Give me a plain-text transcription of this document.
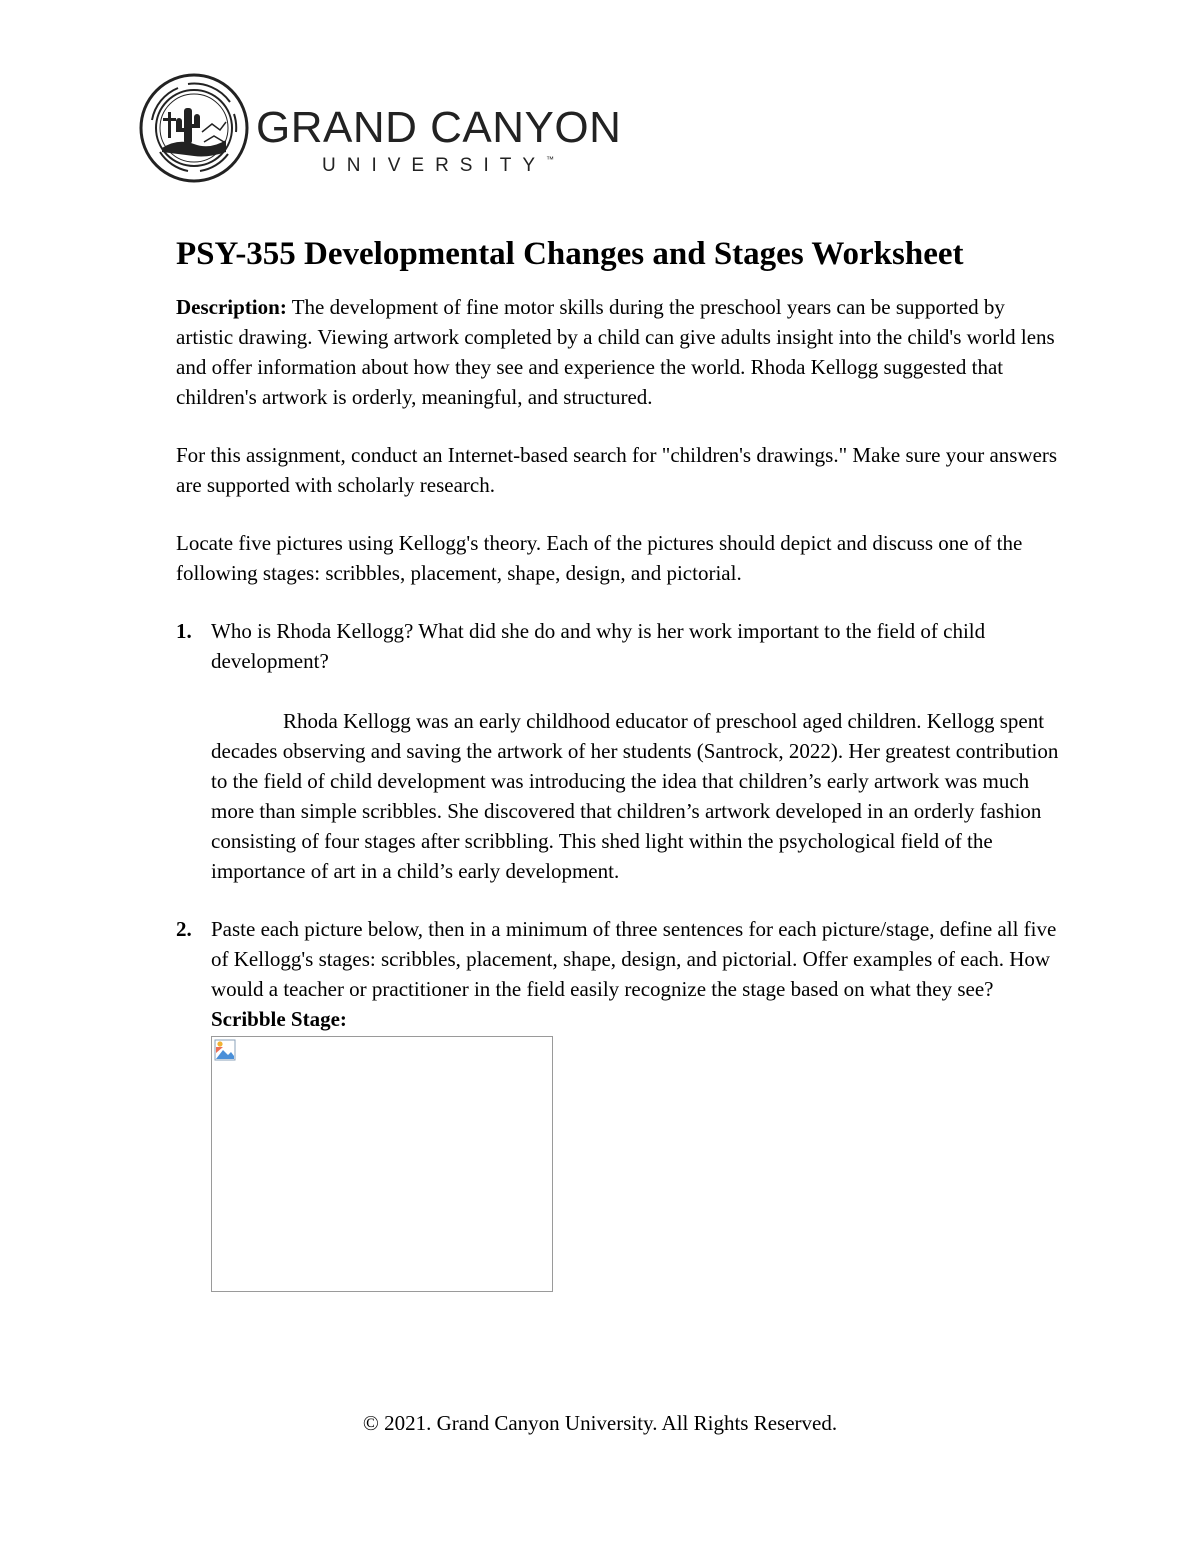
GRAND CANYON
UNIVERSITY™
PSY-355 Developmental Changes and Stages Worksheet

Description: The development of fine motor skills during the preschool years can be supported by artistic drawing. Viewing artwork completed by a child can give adults insight into the child's world lens and offer information about how they see and experience the world. Rhoda Kellogg suggested that children's artwork is orderly, meaningful, and structured.

For this assignment, conduct an Internet-based search for "children's drawings." Make sure your answers are supported with scholarly research.

Locate five pictures using Kellogg's theory. Each of the pictures should depict and discuss one of the following stages: scribbles, placement, shape, design, and pictorial.

1. Who is Rhoda Kellogg? What did she do and why is her work important to the field of child development?

Rhoda Kellogg was an early childhood educator of preschool aged children. Kellogg spent decades observing and saving the artwork of her students (Santrock, 2022). Her greatest contribution to the field of child development was introducing the idea that children’s early artwork was much more than simple scribbles. She discovered that children’s artwork developed in an orderly fashion consisting of four stages after scribbling. This shed light within the psychological field of the importance of art in a child’s early development.

2. Paste each picture below, then in a minimum of three sentences for each picture/stage, define all five of Kellogg's stages: scribbles, placement, shape, design, and pictorial. Offer examples of each. How would a teacher or practitioner in the field easily recognize the stage based on what they see?

Scribble Stage:

© 2021. Grand Canyon University. All Rights Reserved.
